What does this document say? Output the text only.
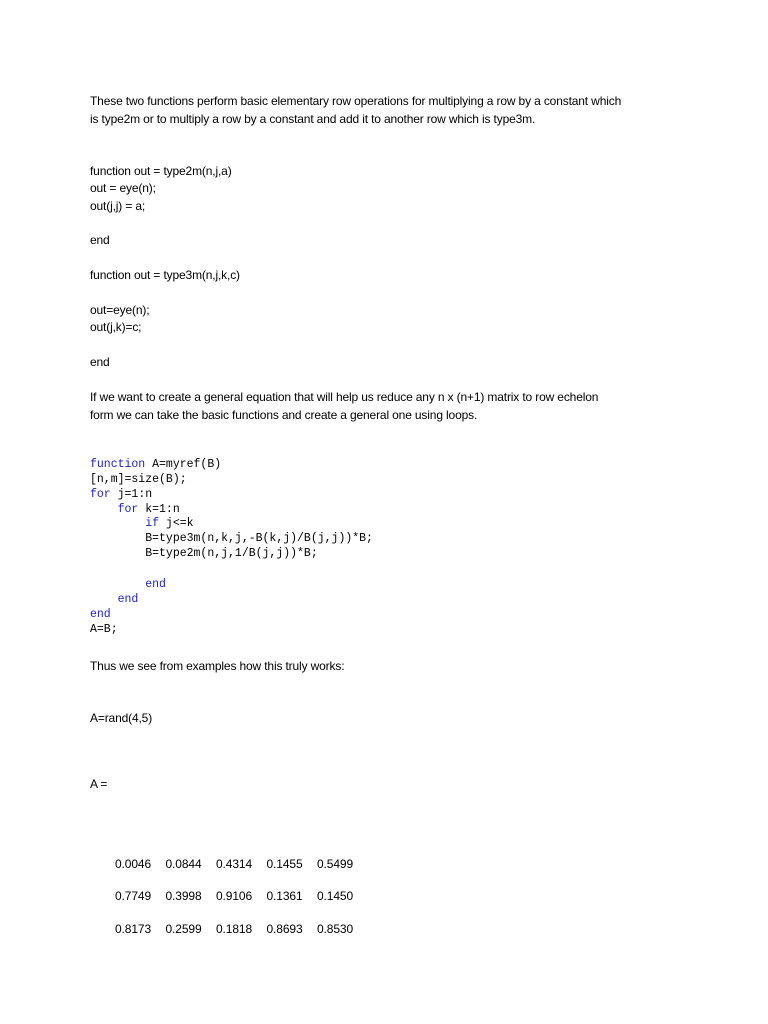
These two functions perform basic elementary row operations for multiplying a row by a constant which
is type2m or to multiply a row by a constant and add it to another row which is type3m.
function out = type2m(n,j,a)
out = eye(n);
out(j,j) = a;
end
function out = type3m(n,j,k,c)
out=eye(n);
out(j,k)=c;
end
If we want to create a general equation that will help us reduce any n x (n+1) matrix to row echelon
form we can take the basic functions and create a general one using loops.
function A=myref(B)
[n,m]=size(B);
for j=1:n
for k=1:n
if j<=k
B=type3m(n,k,j,-B(k,j)/B(j,j))*B;
B=type2m(n,j,1/B(j,j))*B;
end
end
end
A=B;
Thus we see from examples how this truly works:
A=rand(4,5)
A =

0.0046 0.0844 0.4314 0.1455 0.5499

0.7749 0.3998 0.9106 0.1361 0.1450

0.8173 0.2599 0.1818 0.8693 0.8530
